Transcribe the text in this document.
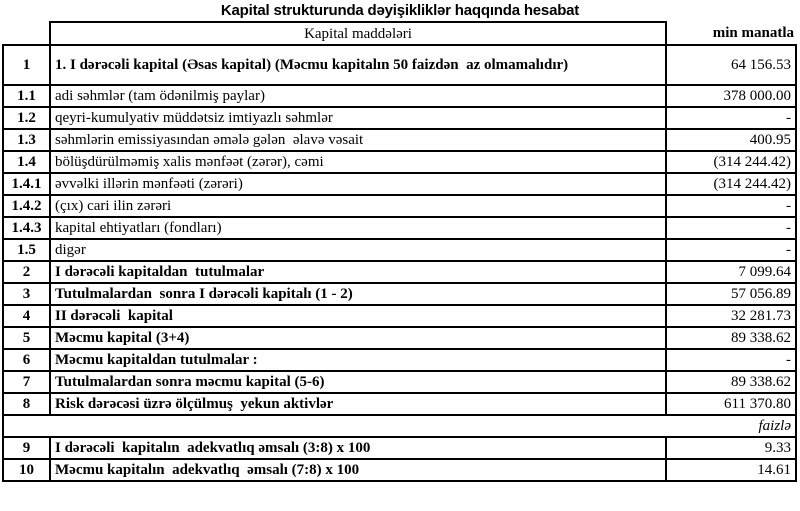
Kapital strukturunda dəyişikliklər haqqında hesabat
	Kapital maddələri	min manatla
1	1. I dərəcəli kapital (Əsas kapital) (Məcmu kapitalın 50 faizdən  az olmamalıdır)	64 156.53
1.1	adi səhmlər (tam ödənilmiş paylar)	378 000.00
1.2	qeyri-kumulyativ müddətsiz imtiyazlı səhmlər	-
1.3	səhmlərin emissiyasından əmələ gələn  əlavə vəsait	400.95
1.4	bölüşdürülməmiş xalis mənfəət (zərər), cəmi	(314 244.42)
1.4.1	əvvəlki illərin mənfəəti (zərəri)	(314 244.42)
1.4.2	(çıx) cari ilin zərəri	-
1.4.3	kapital ehtiyatları (fondları)	-
1.5	digər	-
2	I dərəcəli kapitaldan  tutulmalar	7 099.64
3	Tutulmalardan  sonra I dərəcəli kapitalı (1 - 2)	57 056.89
4	II dərəcəli  kapital	32 281.73
5	Məcmu kapital (3+4)	89 338.62
6	Məcmu kapitaldan tutulmalar :	-
7	Tutulmalardan sonra məcmu kapital (5-6)	89 338.62
8	Risk dərəcəsi üzrə ölçülmuş  yekun aktivlər	611 370.80
faizlə		
9	I dərəcəli  kapitalın  adekvatlıq əmsalı (3:8) x 100	9.33
10	Məcmu kapitalın  adekvatlıq  əmsalı (7:8) x 100	14.61
